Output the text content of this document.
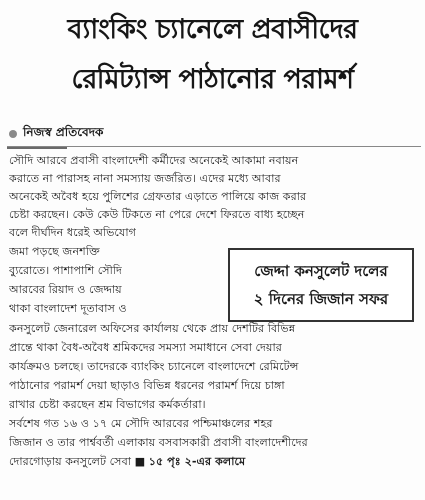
ব্যাংকিং চ্যানেলে প্রবাসীদের
রেমিট্যান্স পাঠানোর পরামর্শ
নিজস্ব প্রতিবেদক
সৌদি আরবে প্রবাসী বাংলাদেশী কর্মীদের অনেকেই আকামা নবায়ন
করাতে না পারাসহ নানা সমস্যায় জর্জরিত। এদের মধ্যে আবার
অনেকেই অবৈধ হয়ে পুলিশের গ্রেফতার এড়াতে পালিয়ে কাজ করার
চেষ্টা করছেন। কেউ কেউ টিকতে না পেরে দেশে ফিরতে বাধ্য হচ্ছেন
বলে দীর্ঘদিন ধরেই অভিযোগ
জমা পড়ছে জনশক্তি
ব্যুরোতে। পাশাপাশি সৌদি
আরবের রিয়াদ ও জেদ্দায়
থাকা বাংলাদেশ দূতাবাস ও
জেদ্দা কনসুলেট দলের
২ দিনের জিজান সফর
কনসুলেট জেনারেল অফিসের কার্যালয় থেকে প্রায় দেশটির বিভিন্ন
প্রান্তে থাকা বৈধ-অবৈধ শ্রমিকদের সমস্যা সমাধানে সেবা দেয়ার
কার্যক্রমও চলছে। তাদেরকে ব্যাংকিং চ্যানেলে বাংলাদেশে রেমিটেন্স
পাঠানোর পরামর্শ দেয়া ছাড়াও বিভিন্ন ধরনের পরামর্শ দিয়ে চাঙ্গা
রাখার চেষ্টা করছেন শ্রম বিভাগের কর্মকর্তারা।
সর্বশেষ গত ১৬ ও ১৭ মে সৌদি আরবের পশ্চিমাঞ্চলের শহর
জিজান ও তার পার্শ্ববর্তী এলাকায় বসবাসকারী প্রবাসী বাংলাদেশীদের
দোরগোড়ায় কনসুলেট সেবা ■ ১৫ পৃঃ ২-এর কলামে
